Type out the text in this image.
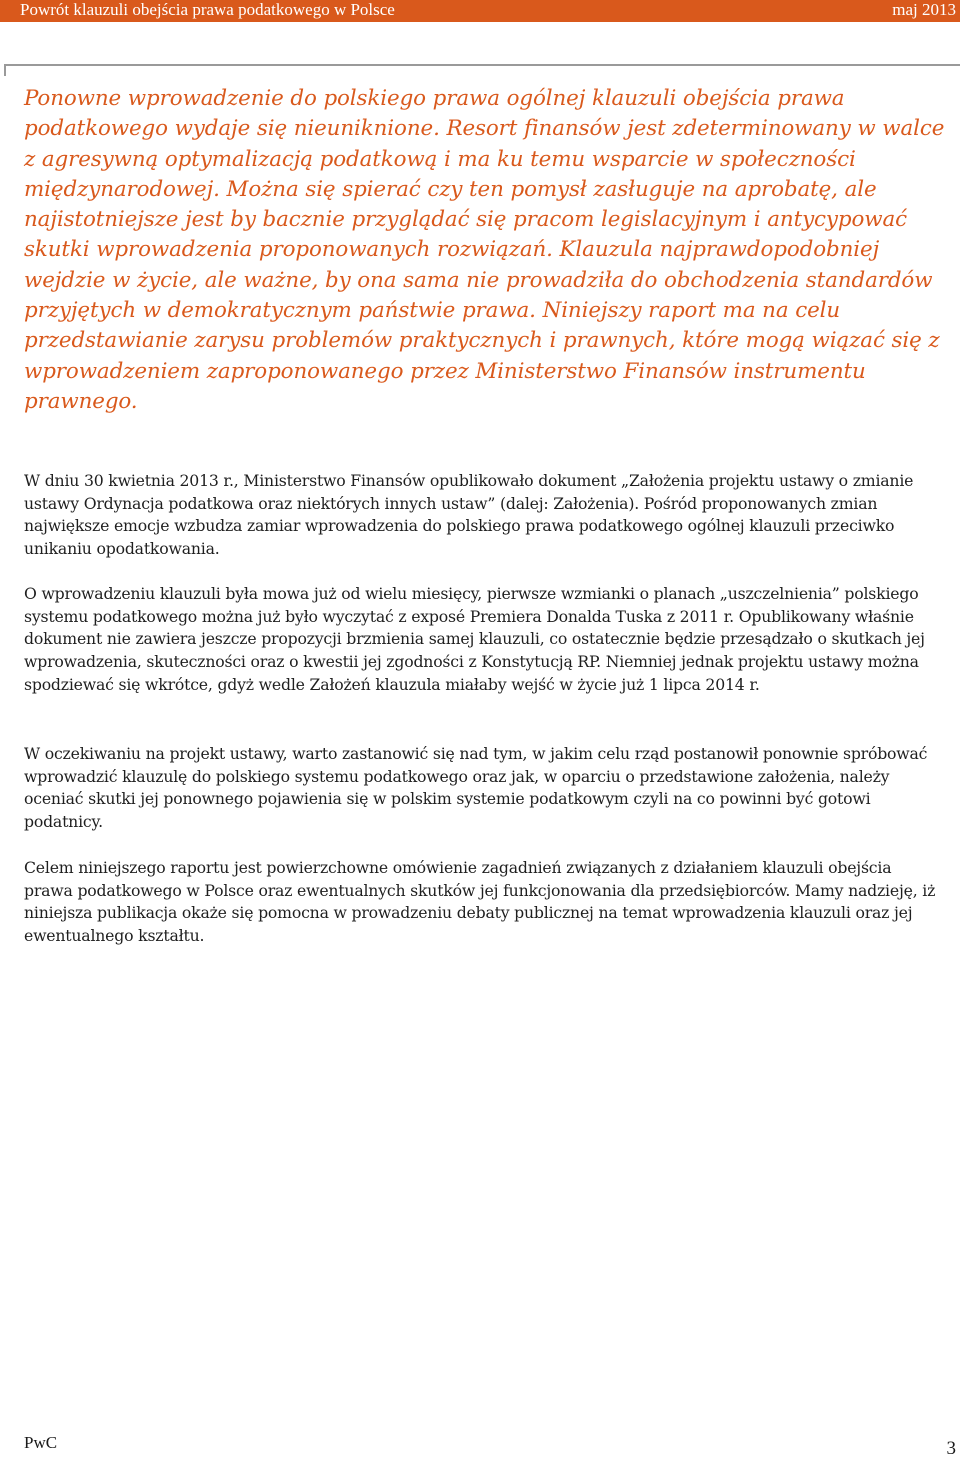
Powrót klauzuli obejścia prawa podatkowego w Polsce	maj 2013

Ponowne wprowadzenie do polskiego prawa ogólnej klauzuli obejścia prawa podatkowego wydaje się nieuniknione. Resort finansów jest zdeterminowany w walce z agresywną optymalizacją podatkową i ma ku temu wsparcie w społeczności międzynarodowej. Można się spierać czy ten pomysł zasługuje na aprobatę, ale najistotniejsze jest by bacznie przyglądać się pracom legislacyjnym i antycypować skutki wprowadzenia proponowanych rozwiązań. Klauzula najprawdopodobniej wejdzie w życie, ale ważne, by ona sama nie prowadziła do obchodzenia standardów przyjętych w demokratycznym państwie prawa. Niniejszy raport ma na celu przedstawianie zarysu problemów praktycznych i prawnych, które mogą wiązać się z wprowadzeniem zaproponowanego przez Ministerstwo Finansów instrumentu prawnego.

W dniu 30 kwietnia 2013 r., Ministerstwo Finansów opublikowało dokument „Założenia projektu ustawy o zmianie ustawy Ordynacja podatkowa oraz niektórych innych ustaw” (dalej: Założenia). Pośród proponowanych zmian największe emocje wzbudza zamiar wprowadzenia do polskiego prawa podatkowego ogólnej klauzuli przeciwko unikaniu opodatkowania.

O wprowadzeniu klauzuli była mowa już od wielu miesięcy, pierwsze wzmianki o planach „uszczelnienia” polskiego systemu podatkowego można już było wyczytać z exposé Premiera Donalda Tuska z 2011 r. Opublikowany właśnie dokument nie zawiera jeszcze propozycji brzmienia samej klauzuli, co ostatecznie będzie przesądzało o skutkach jej wprowadzenia, skuteczności oraz o kwestii jej zgodności z Konstytucją RP. Niemniej jednak projektu ustawy można spodziewać się wkrótce, gdyż wedle Założeń klauzula miałaby wejść w życie już 1 lipca 2014 r.

W oczekiwaniu na projekt ustawy, warto zastanowić się nad tym, w jakim celu rząd postanowił ponownie spróbować wprowadzić klauzulę do polskiego systemu podatkowego oraz jak, w oparciu o przedstawione założenia, należy oceniać skutki jej ponownego pojawienia się w polskim systemie podatkowym czyli na co powinni być gotowi podatnicy.

Celem niniejszego raportu jest powierzchowne omówienie zagadnień związanych z działaniem klauzuli obejścia prawa podatkowego w Polsce oraz ewentualnych skutków jej funkcjonowania dla przedsiębiorców. Mamy nadzieję, iż niniejsza publikacja okaże się pomocna w prowadzeniu debaty publicznej na temat wprowadzenia klauzuli oraz jej ewentualnego kształtu.

PwC	3
